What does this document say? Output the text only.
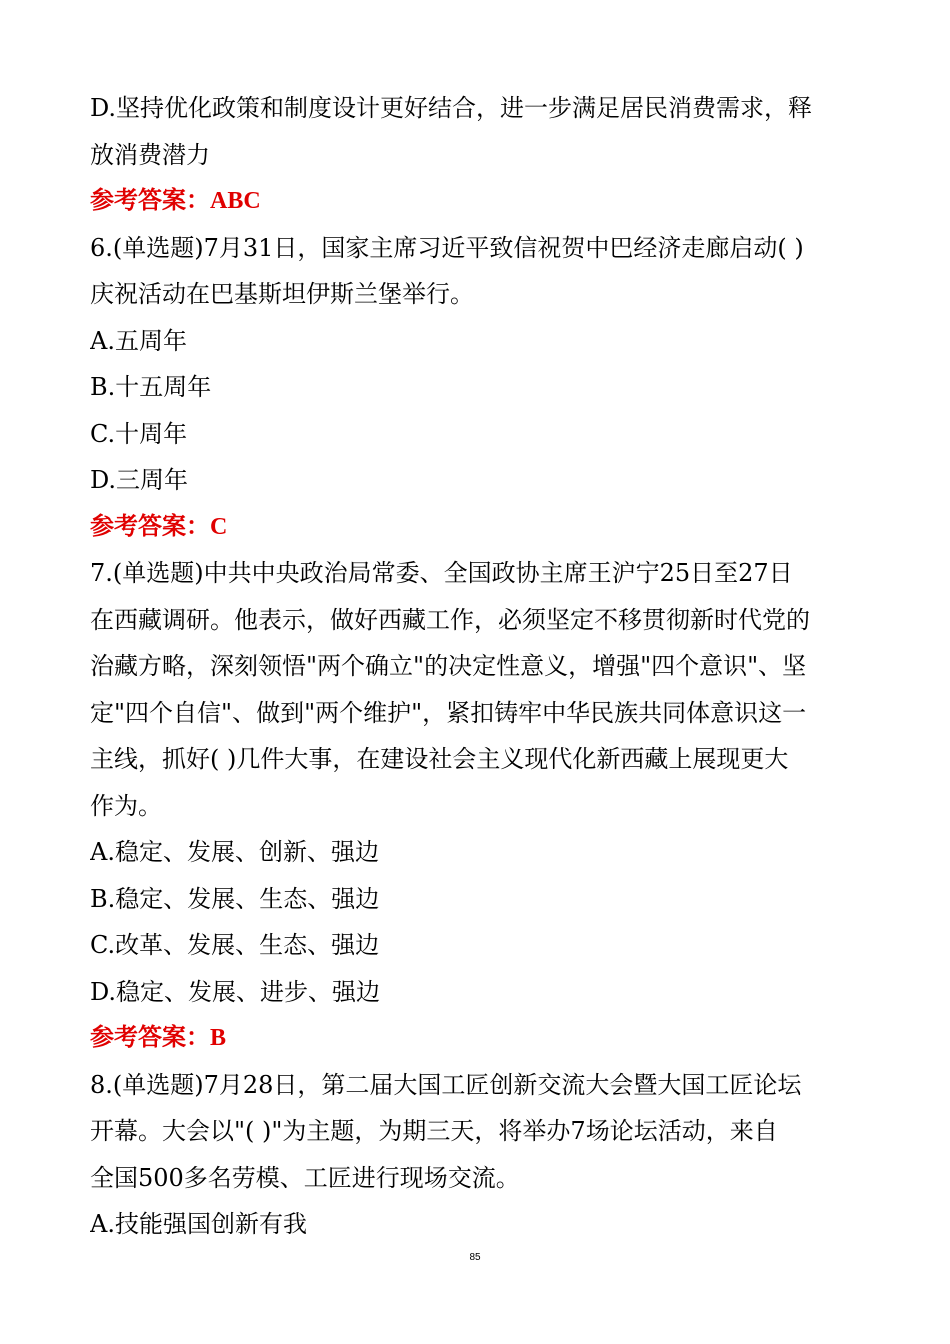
D.坚持优化政策和制度设计更好结合，进一步满足居民消费需求，释
放消费潜力
参考答案：ABC
6.(单选题)7月31日，国家主席习近平致信祝贺中巴经济走廊启动( )
庆祝活动在巴基斯坦伊斯兰堡举行。
A.五周年
B.十五周年
C.十周年
D.三周年
参考答案：C
7.(单选题)中共中央政治局常委、全国政协主席王沪宁25日至27日
在西藏调研。他表示，做好西藏工作，必须坚定不移贯彻新时代党的
治藏方略，深刻领悟"两个确立"的决定性意义，增强"四个意识"、坚
定"四个自信"、做到"两个维护"，紧扣铸牢中华民族共同体意识这一
主线，抓好( )几件大事，在建设社会主义现代化新西藏上展现更大
作为。
A.稳定、发展、创新、强边
B.稳定、发展、生态、强边
C.改革、发展、生态、强边
D.稳定、发展、进步、强边
参考答案：B
8.(单选题)7月28日，第二届大国工匠创新交流大会暨大国工匠论坛
开幕。大会以"( )"为主题，为期三天，将举办7场论坛活动，来自
全国500多名劳模、工匠进行现场交流。
A.技能强国创新有我
85
